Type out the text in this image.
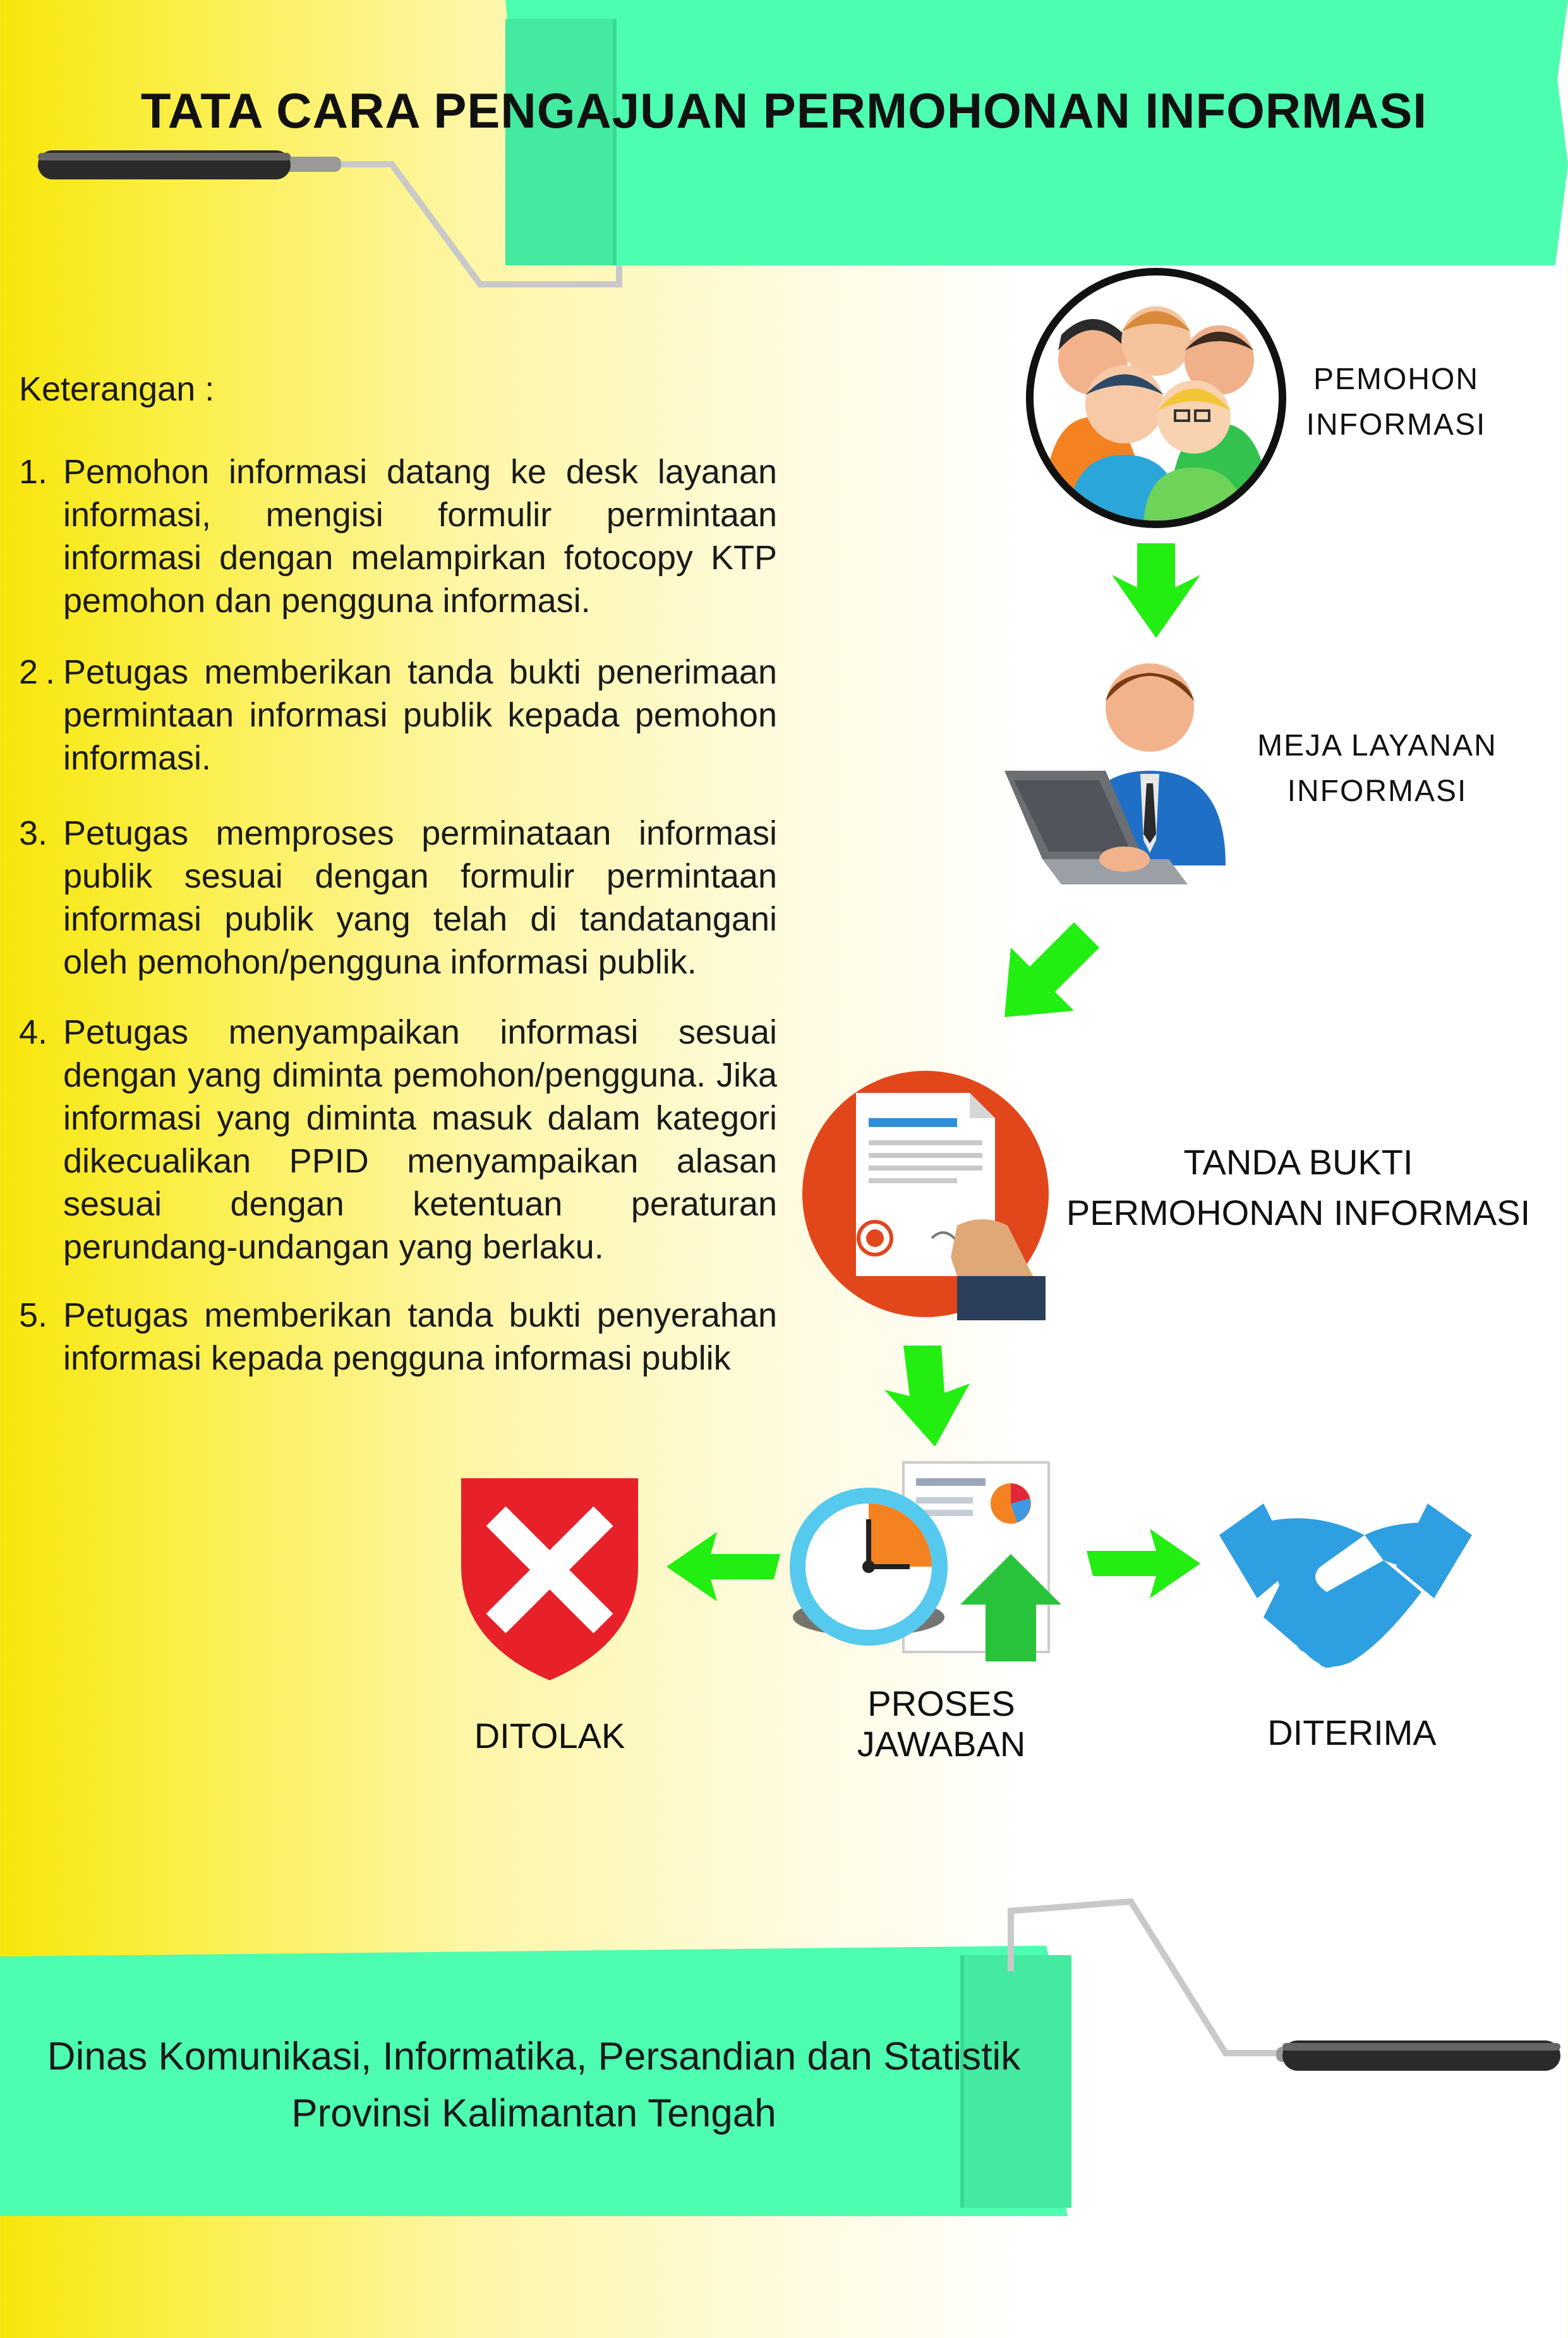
TATA CARA PENGAJUAN PERMOHONAN INFORMASI
Keterangan :
1. Pemohon informasi datang ke desk layanan informasi, mengisi formulir permintaan informasi dengan melampirkan fotocopy KTP pemohon dan pengguna informasi.
2. Petugas memberikan tanda bukti penerimaan permintaan informasi publik kepada pemohon informasi.
3. Petugas memproses perminataan informasi publik sesuai dengan formulir permintaan informasi publik yang telah di tandatangani oleh pemohon/pengguna informasi publik.
4. Petugas menyampaikan informasi sesuai dengan yang diminta pemohon/pengguna. Jika informasi yang diminta masuk dalam kategori dikecualikan PPID menyampaikan alasan sesuai dengan ketentuan peraturan perundang-undangan yang berlaku.
5. Petugas memberikan tanda bukti penyerahan informasi kepada pengguna informasi publik
PEMOHON
INFORMASI
MEJA LAYANAN
INFORMASI
TANDA BUKTI
PERMOHONAN INFORMASI
PROSES
JAWABAN
DITOLAK	DITERIMA
Dinas Komunikasi, Informatika, Persandian dan Statistik
Provinsi Kalimantan Tengah
